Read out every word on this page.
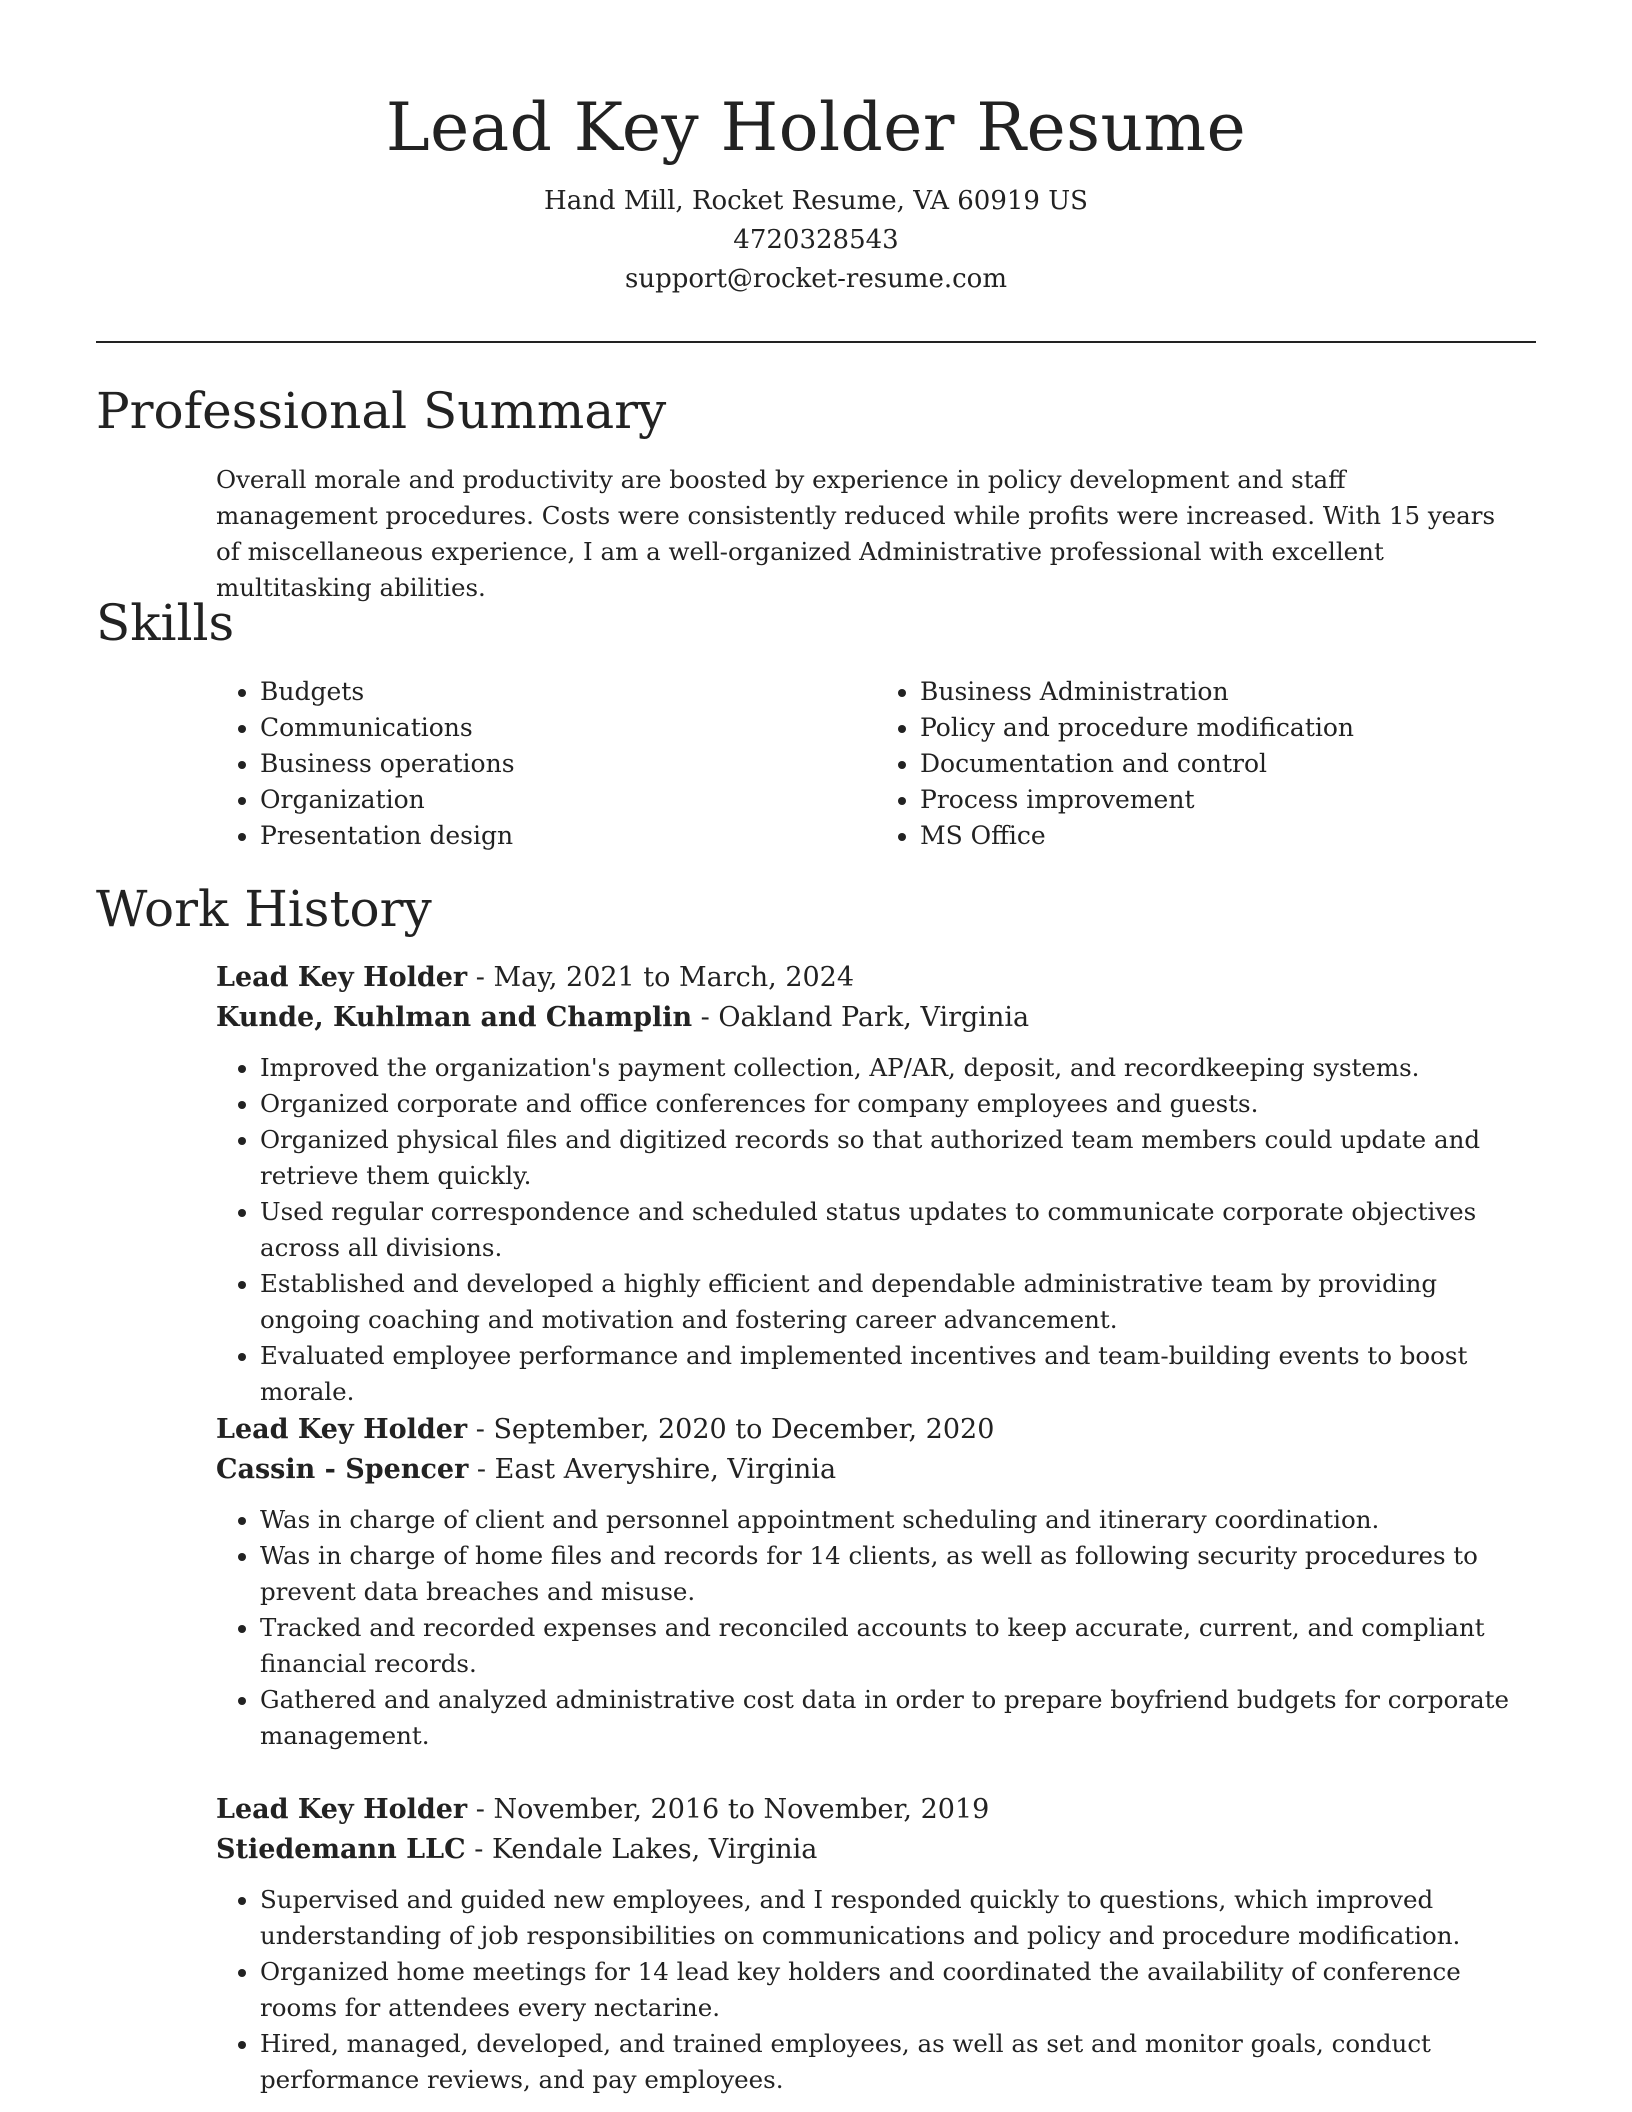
Lead Key Holder Resume
Hand Mill, Rocket Resume, VA 60919 US
4720328543
support@rocket-resume.com
Professional Summary
Overall morale and productivity are boosted by experience in policy development and staff management procedures. Costs were consistently reduced while profits were increased. With 15 years of miscellaneous experience, I am a well-organized Administrative professional with excellent multitasking abilities.
Skills
• Budgets
• Communications
• Business operations
• Organization
• Presentation design
• Business Administration
• Policy and procedure modification
• Documentation and control
• Process improvement
• MS Office
Work History
Lead Key Holder - May, 2021 to March, 2024
Kunde, Kuhlman and Champlin - Oakland Park, Virginia
• Improved the organization's payment collection, AP/AR, deposit, and recordkeeping systems.
• Organized corporate and office conferences for company employees and guests.
• Organized physical files and digitized records so that authorized team members could update and retrieve them quickly.
• Used regular correspondence and scheduled status updates to communicate corporate objectives across all divisions.
• Established and developed a highly efficient and dependable administrative team by providing ongoing coaching and motivation and fostering career advancement.
• Evaluated employee performance and implemented incentives and team-building events to boost morale.
Lead Key Holder - September, 2020 to December, 2020
Cassin - Spencer - East Averyshire, Virginia
• Was in charge of client and personnel appointment scheduling and itinerary coordination.
• Was in charge of home files and records for 14 clients, as well as following security procedures to prevent data breaches and misuse.
• Tracked and recorded expenses and reconciled accounts to keep accurate, current, and compliant financial records.
• Gathered and analyzed administrative cost data in order to prepare boyfriend budgets for corporate management.
Lead Key Holder - November, 2016 to November, 2019
Stiedemann LLC - Kendale Lakes, Virginia
• Supervised and guided new employees, and I responded quickly to questions, which improved understanding of job responsibilities on communications and policy and procedure modification.
• Organized home meetings for 14 lead key holders and coordinated the availability of conference rooms for attendees every nectarine.
• Hired, managed, developed, and trained employees, as well as set and monitor goals, conduct performance reviews, and pay employees.
